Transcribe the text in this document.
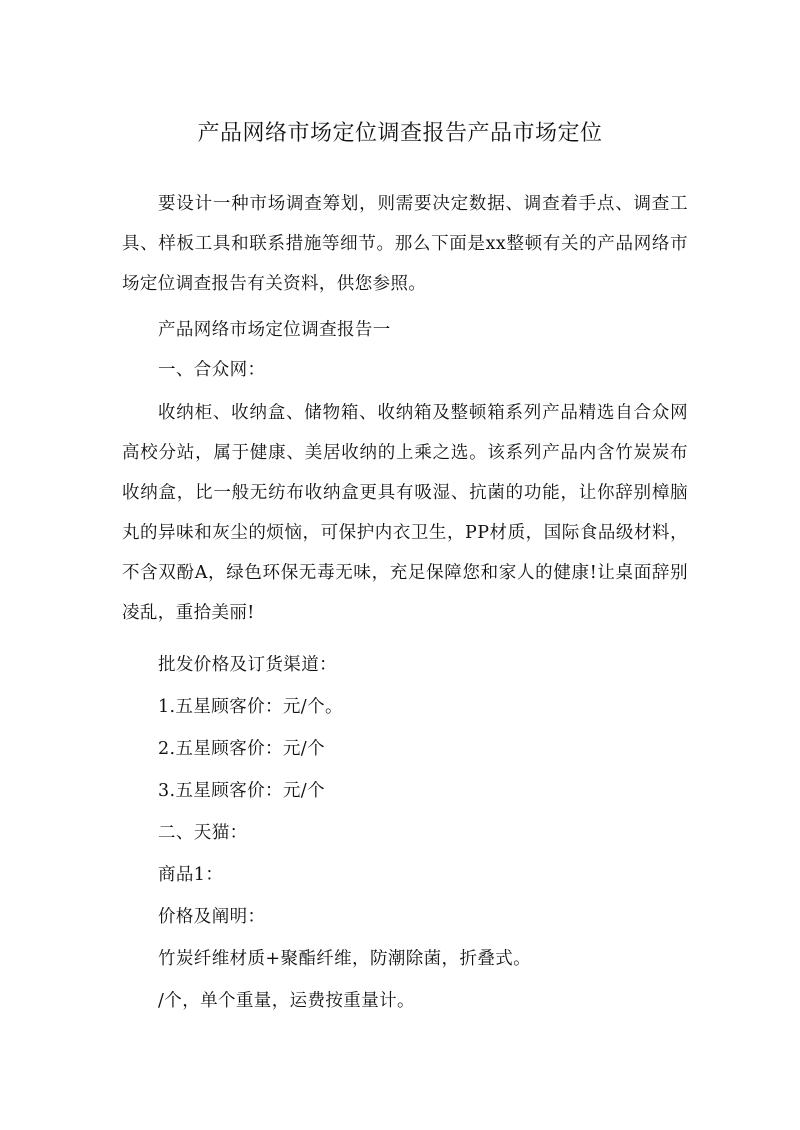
产品网络市场定位调查报告产品市场定位

要设计一种市场调查筹划，则需要决定数据、调查着手点、调查工具、样板工具和联系措施等细节。那么下面是xx整顿有关的产品网络市场定位调查报告有关资料，供您参照。

产品网络市场定位调查报告一

一、合众网：

收纳柜、收纳盒、储物箱、收纳箱及整顿箱系列产品精选自合众网高校分站，属于健康、美居收纳的上乘之选。该系列产品内含竹炭炭布收纳盒，比一般无纺布收纳盒更具有吸湿、抗菌的功能，让你辞别樟脑丸的异味和灰尘的烦恼，可保护内衣卫生，PP材质，国际食品级材料，不含双酚A，绿色环保无毒无味，充足保障您和家人的健康!让桌面辞别凌乱，重拾美丽!

批发价格及订货渠道：

1.五星顾客价：元/个。

2.五星顾客价：元/个

3.五星顾客价：元/个

二、天猫：

商品1：

价格及阐明：

竹炭纤维材质+聚酯纤维，防潮除菌，折叠式。

/个，单个重量，运费按重量计。
